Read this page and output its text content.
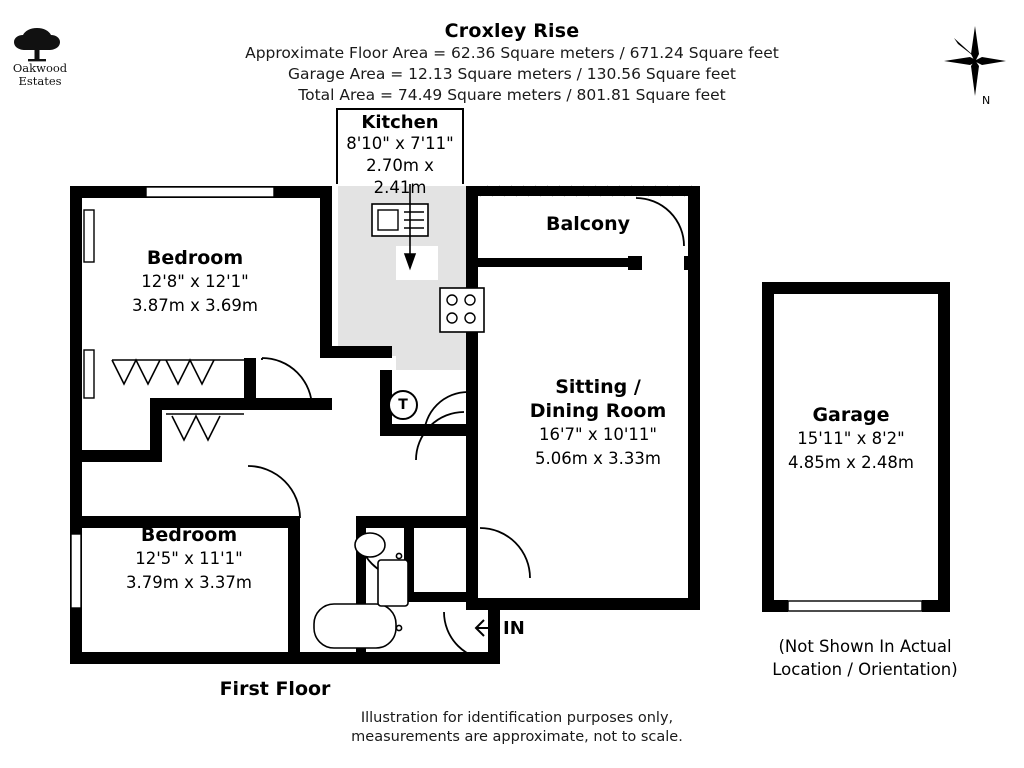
Oakwood
Estates
Croxley Rise
Approximate Floor Area = 62.36 Square meters / 671.24 Square feet
Garage Area = 12.13 Square meters / 130.56 Square feet
Total Area = 74.49 Square meters / 801.81 Square feet	N
Kitchen
8'10" x 7'11"
2.70m x 2.41m
Bedroom
12'8" x 12'1"
3.87m x 3.69m
Bedroom
12'5" x 11'1"
3.79m x 3.37m
Sitting /
Dining Room
16'7" x 10'11"
5.06m x 3.33m
Balcony
Garage
15'11" x 8'2"
4.85m x 2.48m
T
IN
First Floor
(Not Shown In Actual
Location / Orientation)
Illustration for identification purposes only,
measurements are approximate, not to scale.
